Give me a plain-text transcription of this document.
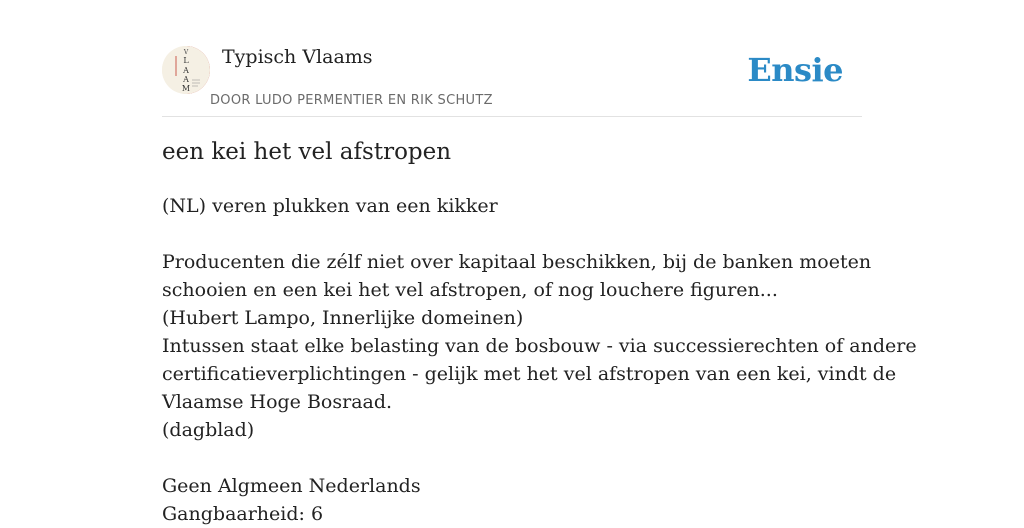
V
L
A
A
M
Typisch Vlaams
DOOR LUDO PERMENTIER EN RIK SCHUTZ
Ensie
een kei het vel afstropen

(NL) veren plukken van een kikker

Producenten die zélf niet over kapitaal beschikken, bij de banken moeten

schooien en een kei het vel afstropen, of nog louchere figuren...

(Hubert Lampo, Innerlijke domeinen)

Intussen staat elke belasting van de bosbouw - via successierechten of andere

certificatieverplichtingen - gelijk met het vel afstropen van een kei, vindt de

Vlaamse Hoge Bosraad.

(dagblad)

Geen Algmeen Nederlands

Gangbaarheid: 6
